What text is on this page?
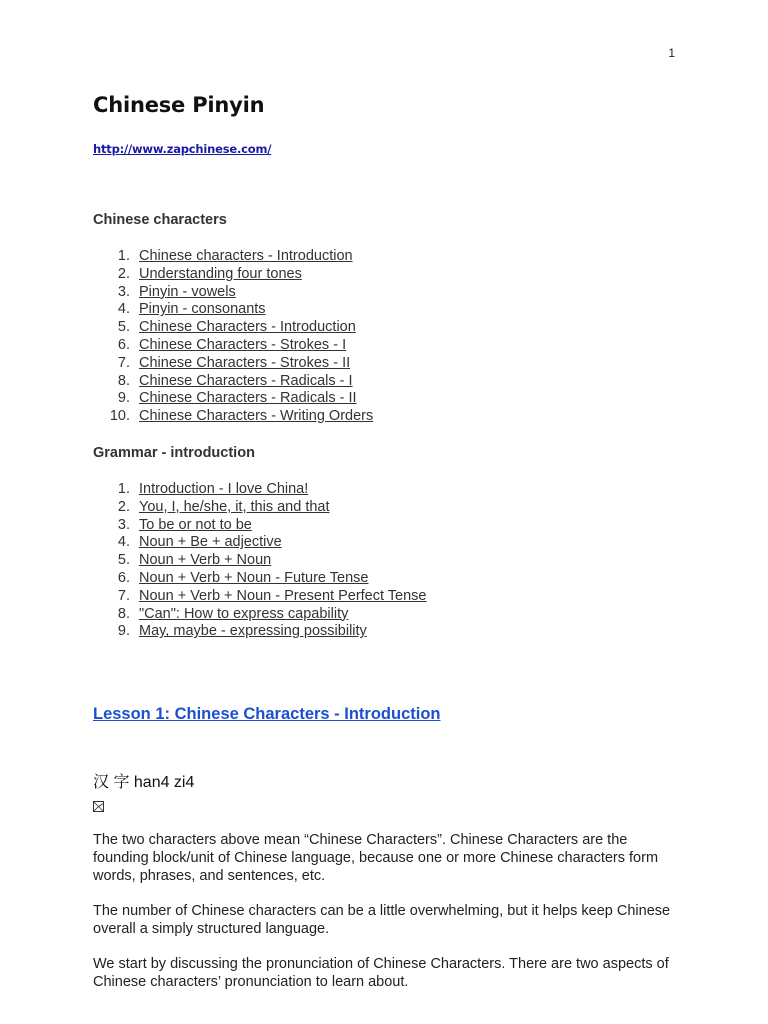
1
Chinese Pinyin
http://www.zapchinese.com/
Chinese characters
1. Chinese characters - Introduction
2. Understanding four tones
3. Pinyin - vowels
4. Pinyin - consonants
5. Chinese Characters - Introduction
6. Chinese Characters - Strokes - I
7. Chinese Characters - Strokes - II
8. Chinese Characters - Radicals - I
9. Chinese Characters - Radicals - II
10. Chinese Characters - Writing Orders
Grammar - introduction
1. Introduction - I love China!
2. You, I, he/she, it, this and that
3. To be or not to be
4. Noun + Be + adjective
5. Noun + Verb + Noun
6. Noun + Verb + Noun - Future Tense
7. Noun + Verb + Noun - Present Perfect Tense
8. "Can": How to express capability
9. May, maybe - expressing possibility
Lesson 1: Chinese Characters - Introduction
汉 字 han4 zi4

The two characters above mean “Chinese Characters”. Chinese Characters are the founding block/unit of Chinese language, because one or more Chinese characters form words, phrases, and sentences, etc.

The number of Chinese characters can be a little overwhelming, but it helps keep Chinese overall a simply structured language.

We start by discussing the pronunciation of Chinese Characters. There are two aspects of Chinese characters’ pronunciation to learn about.
